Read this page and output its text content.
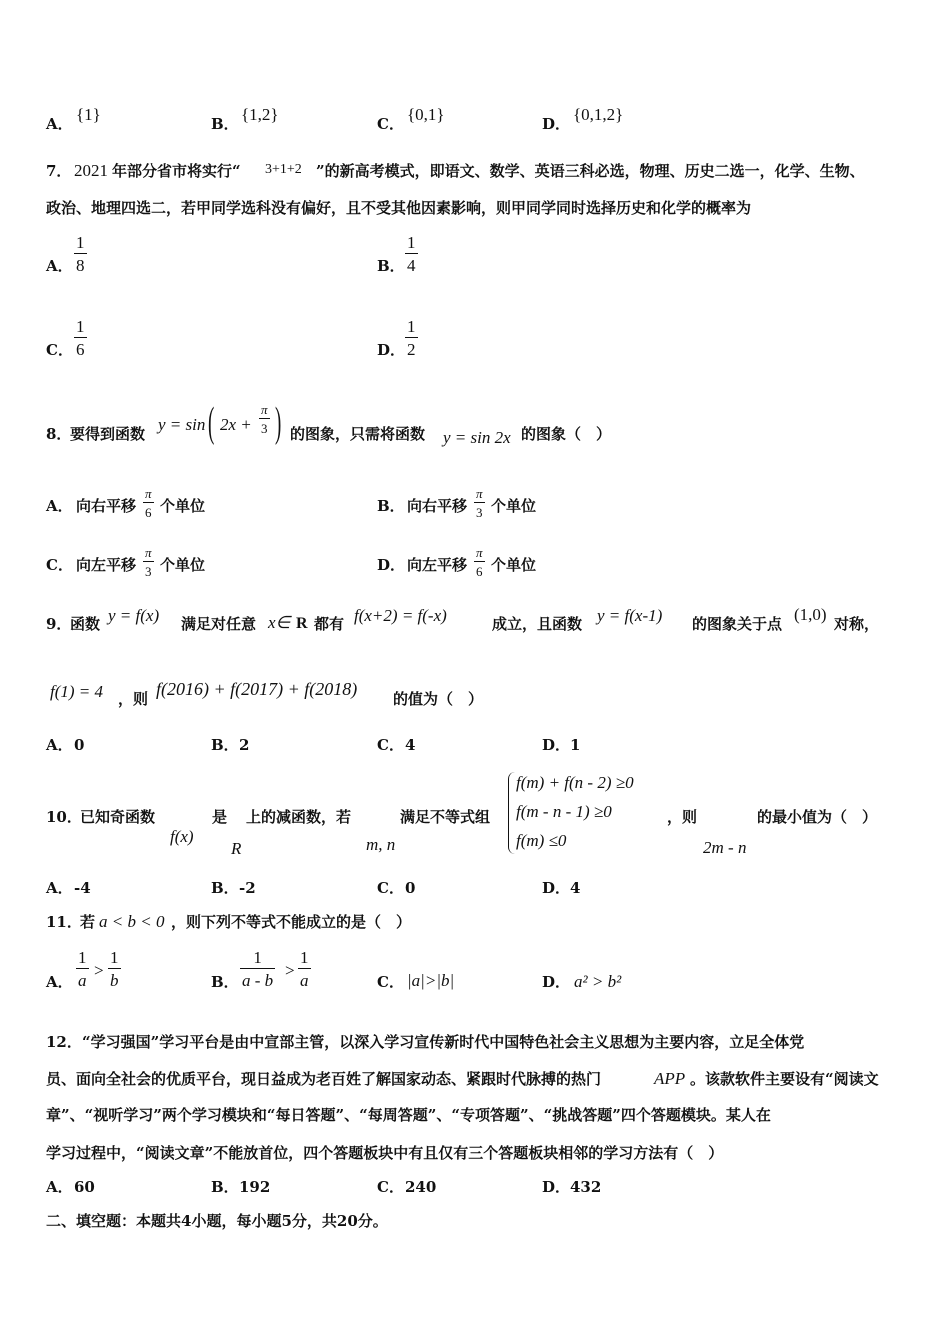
A． {1}	B． {1,2}	C． {0,1}	D． {0,1,2}
7． 2021 年部分省市将实行“ 3+1+2 ”的新高考模式，即语文、数学、英语三科必选，物理、历史二选一，化学、生物、
政治、地理四选二，若甲同学选科没有偏好，且不受其他因素影响，则甲同学同时选择历史和化学的概率为
A． $\frac{1}{8}$	B． $\frac{1}{4}$
C． $\frac{1}{6}$	D． $\frac{1}{2}$
8．
要得到函数 y = sin ( $2x + \frac{\pi}{3}$ ) 的图象，只需将函数 y = sin 2x 的图象（　）
A． 向右平移 $\frac{\pi}{6}$ 个单位	B． 向右平移 $\frac{\pi}{3}$ 个单位
C． 向左平移 $\frac{\pi}{3}$ 个单位	D． 向左平移 $\frac{\pi}{6}$ 个单位
9．
函数 y = f(x) 满足对任意 x∈ R 都有 f(x+2) = f(-x)	成立，且函数 y = f(x-1) 的图象关于点 (1,0) 对称，
f(1) = 4 ，则 f(2016) + f(2017) + f(2018) 的值为（　）
A． 0	B． 2	C． 4	D． 1
10．
已知奇函数
f(x)
是
R
上的减函数，若
m, n
满足不等式组
f(m) + f(n - 2) ≥0
f(m - n - 1) ≥0
f(m) ≤0
，则
2m - n
的最小值为（　）
A． -4	B． -2	C． 0	D． 4
11．
若 a < b < 0 ，则下列不等式不能成立的是（　）
A． $\frac{1}{a} > \frac{1}{b}$	B． $\frac{1}{a - b} > \frac{1}{a}$	C． |a|>|b|	D． a² > b²
12． “学习强国”学习平台是由中宣部主管，以深入学习宣传新时代中国特色社会主义思想为主要内容，立足全体党
员、面向全社会的优质平台，现日益成为老百姓了解国家动态、紧跟时代脉搏的热门	APP 。该款软件主要设有“阅读文
章”、“视听学习”两个学习模块和“每日答题”、“每周答题”、“专项答题”、“挑战答题”四个答题模块。某人在
学习过程中，“阅读文章”不能放首位，四个答题板块中有且仅有三个答题板块相邻的学习方法有（　）
A． 60	B． 192	C． 240	D． 432
二、填空题：本题共4小题，每小题5分，共20分。
